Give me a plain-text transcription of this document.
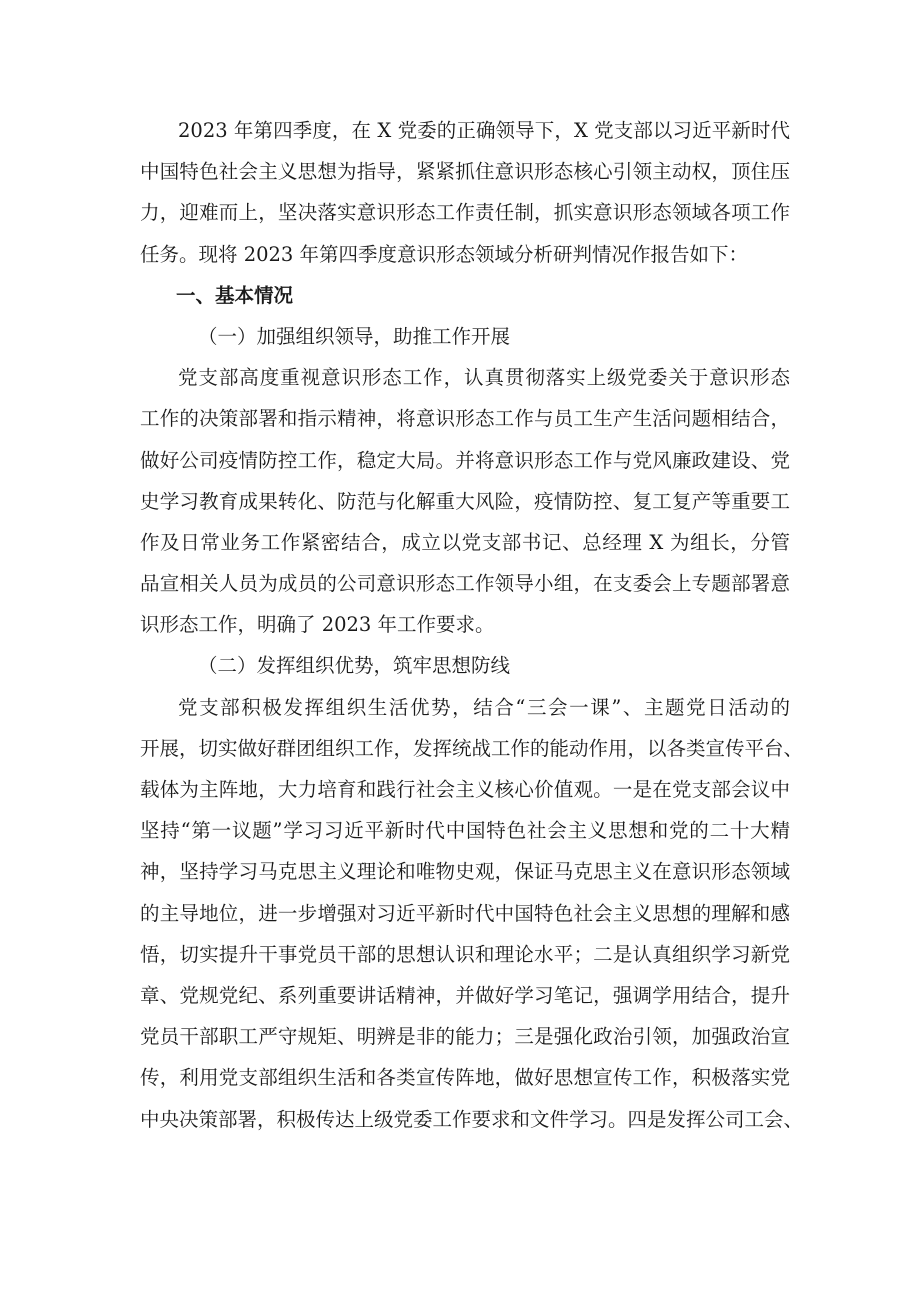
2023 年第四季度，在 X 党委的正确领导下，X 党支部以习近平新时代
中国特色社会主义思想为指导，紧紧抓住意识形态核心引领主动权，顶住压
力，迎难而上，坚决落实意识形态工作责任制，抓实意识形态领域各项工作
任务。现将 2023 年第四季度意识形态领域分析研判情况作报告如下：
一、基本情况
（一）加强组织领导，助推工作开展
党支部高度重视意识形态工作，认真贯彻落实上级党委关于意识形态
工作的决策部署和指示精神，将意识形态工作与员工生产生活问题相结合，
做好公司疫情防控工作，稳定大局。并将意识形态工作与党风廉政建设、党
史学习教育成果转化、防范与化解重大风险，疫情防控、复工复产等重要工
作及日常业务工作紧密结合，成立以党支部书记、总经理 X 为组长，分管
品宣相关人员为成员的公司意识形态工作领导小组，在支委会上专题部署意
识形态工作，明确了 2023 年工作要求。
（二）发挥组织优势，筑牢思想防线
党支部积极发挥组织生活优势，结合“三会一课”、主题党日活动的
开展，切实做好群团组织工作，发挥统战工作的能动作用，以各类宣传平台、
载体为主阵地，大力培育和践行社会主义核心价值观。一是在党支部会议中
坚持“第一议题”学习习近平新时代中国特色社会主义思想和党的二十大精
神，坚持学习马克思主义理论和唯物史观，保证马克思主义在意识形态领域
的主导地位，进一步增强对习近平新时代中国特色社会主义思想的理解和感
悟，切实提升干事党员干部的思想认识和理论水平；二是认真组织学习新党
章、党规党纪、系列重要讲话精神，并做好学习笔记，强调学用结合，提升
党员干部职工严守规矩、明辨是非的能力；三是强化政治引领，加强政治宣
传，利用党支部组织生活和各类宣传阵地，做好思想宣传工作，积极落实党
中央决策部署，积极传达上级党委工作要求和文件学习。四是发挥公司工会、
